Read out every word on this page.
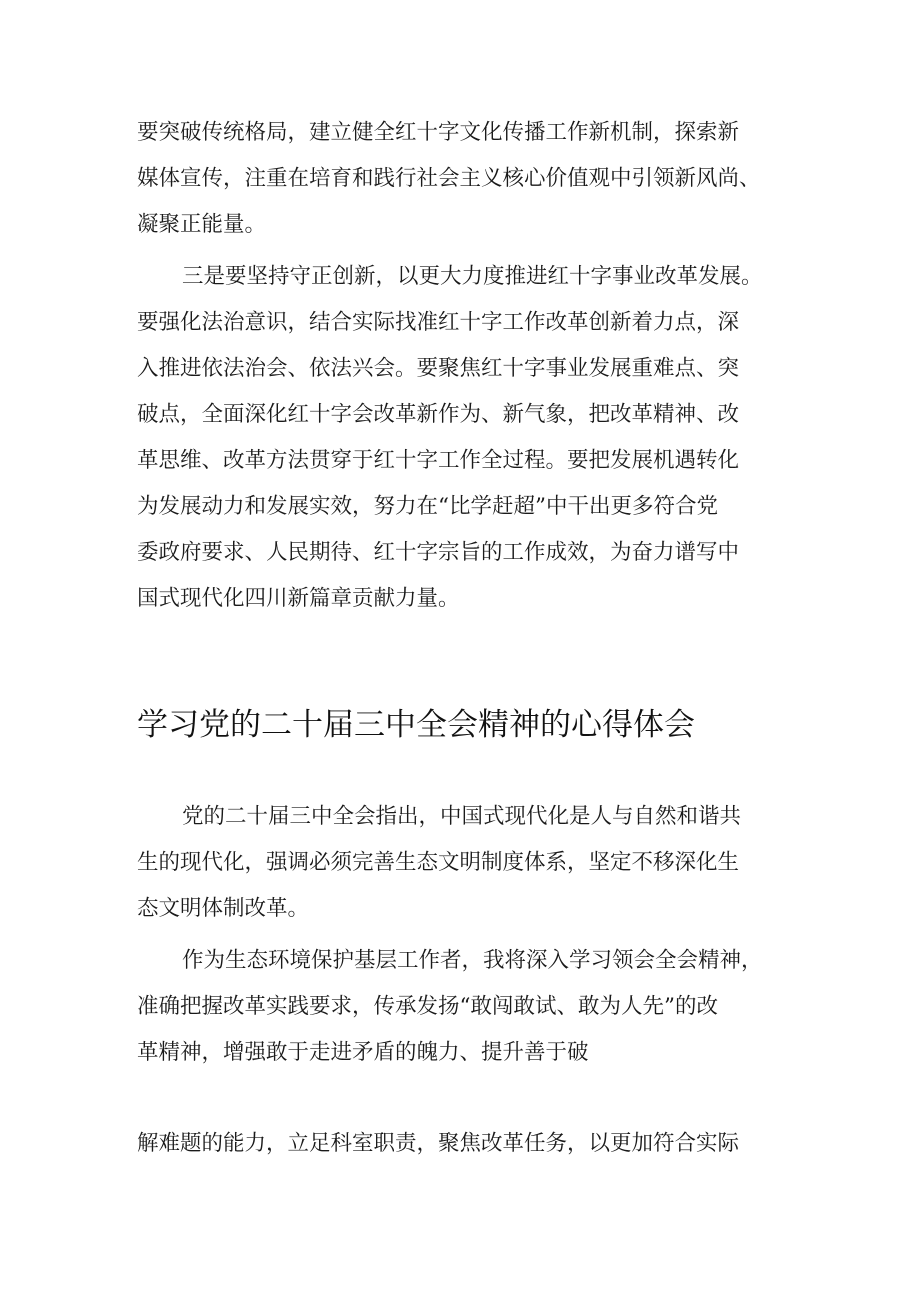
要突破传统格局，建立健全红十字文化传播工作新机制，探索新
媒体宣传，注重在培育和践行社会主义核心价值观中引领新风尚、
凝聚正能量。
三是要坚持守正创新，以更大力度推进红十字事业改革发展。
要强化法治意识，结合实际找准红十字工作改革创新着力点，深
入推进依法治会、依法兴会。要聚焦红十字事业发展重难点、突
破点，全面深化红十字会改革新作为、新气象，把改革精神、改
革思维、改革方法贯穿于红十字工作全过程。要把发展机遇转化
为发展动力和发展实效，努力在“比学赶超”中干出更多符合党
委政府要求、人民期待、红十字宗旨的工作成效，为奋力谱写中
国式现代化四川新篇章贡献力量。
学习党的二十届三中全会精神的心得体会
党的二十届三中全会指出，中国式现代化是人与自然和谐共
生的现代化，强调必须完善生态文明制度体系，坚定不移深化生
态文明体制改革。
作为生态环境保护基层工作者，我将深入学习领会全会精神，
准确把握改革实践要求，传承发扬“敢闯敢试、敢为人先”的改
革精神，增强敢于走进矛盾的魄力、提升善于破
解难题的能力，立足科室职责，聚焦改革任务，以更加符合实际
